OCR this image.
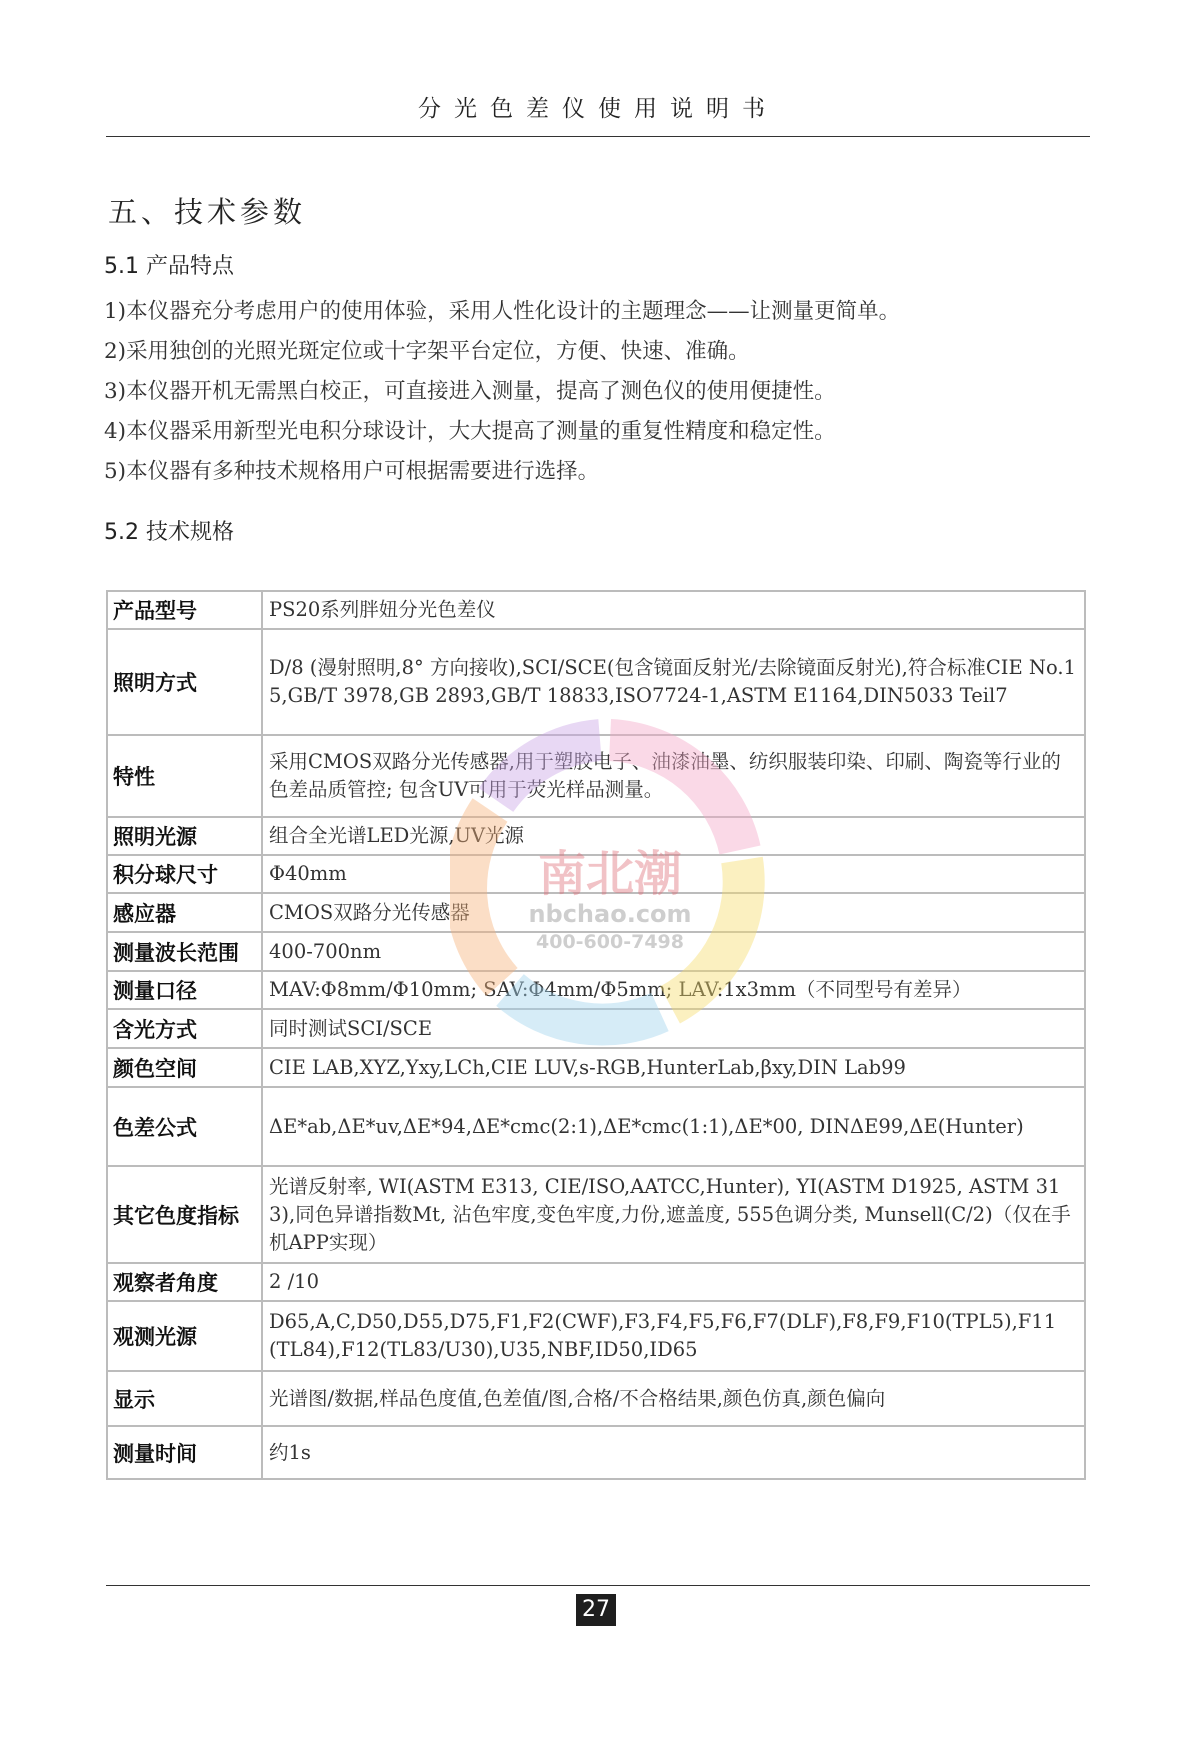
分光色差仪使用说明书
五、技术参数
5.1 产品特点
1)本仪器充分考虑用户的使用体验，采用人性化设计的主题理念——让测量更简单。
2)采用独创的光照光斑定位或十字架平台定位，方便、快速、准确。
3)本仪器开机无需黑白校正，可直接进入测量，提高了测色仪的使用便捷性。
4)本仪器采用新型光电积分球设计，大大提高了测量的重复性精度和稳定性。
5)本仪器有多种技术规格用户可根据需要进行选择。
5.2 技术规格
产品型号	PS20系列胖妞分光色差仪
照明方式	D/8 (漫射照明,8° 方向接收),SCI/SCE(包含镜面反射光/去除镜面反射光),符合标准CIE No.15,GB/T 3978,GB 2893,GB/T 18833,ISO7724-1,ASTM E1164,DIN5033 Teil7
特性	采用CMOS双路分光传感器,用于塑胶电子、油漆油墨、纺织服装印染、印刷、陶瓷等行业的色差品质管控; 包含UV可用于荧光样品测量。
照明光源	组合全光谱LED光源,UV光源
积分球尺寸	Φ40mm
感应器	CMOS双路分光传感器
测量波长范围	400-700nm
测量口径	MAV:Φ8mm/Φ10mm; SAV:Φ4mm/Φ5mm; LAV:1x3mm（不同型号有差异）
含光方式	同时测试SCI/SCE
颜色空间	CIE LAB,XYZ,Yxy,LCh,CIE LUV,s-RGB,HunterLab,βxy,DIN Lab99
色差公式	ΔE*ab,ΔE*uv,ΔE*94,ΔE*cmc(2:1),ΔE*cmc(1:1),ΔE*00, DINΔE99,ΔE(Hunter)
其它色度指标	光谱反射率, WI(ASTM E313, CIE/ISO,AATCC,Hunter), YI(ASTM D1925, ASTM 313),同色异谱指数Mt, 沾色牢度,变色牢度,力份,遮盖度, 555色调分类, Munsell(C/2)（仅在手机APP实现）
观察者角度	2 /10
观测光源	D65,A,C,D50,D55,D75,F1,F2(CWF),F3,F4,F5,F6,F7(DLF),F8,F9,F10(TPL5),F11(TL84),F12(TL83/U30),U35,NBF,ID50,ID65
显示	光谱图/数据,样品色度值,色差值/图,合格/不合格结果,颜色仿真,颜色偏向
测量时间	约1s
南北潮
nbchao.com
400-600-7498
27
